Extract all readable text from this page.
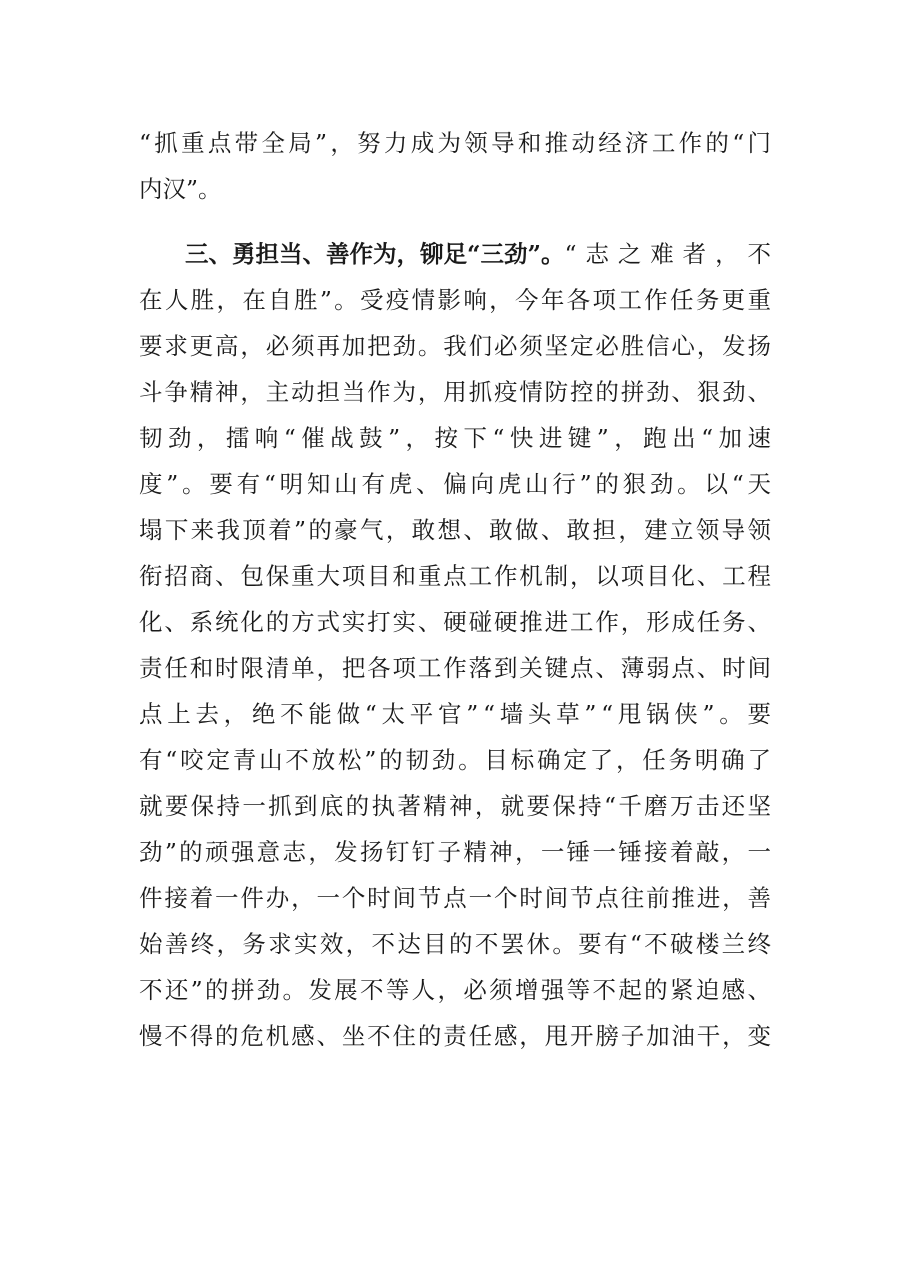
“抓重点带全局”，努力成为领导和推动经济工作的“门
内汉”。
三、勇担当、善作为，铆足“三劲”。 “志之难者，不
在人胜，在自胜”。受疫情影响，今年各项工作任务更重
要求更高，必须再加把劲。我们必须坚定必胜信心，发扬
斗争精神，主动担当作为，用抓疫情防控的拼劲、狠劲、
韧劲，擂响“催战鼓”，按下“快进键”，跑出“加速
度”。要有“明知山有虎、偏向虎山行”的狠劲。以“天
塌下来我顶着”的豪气，敢想、敢做、敢担，建立领导领
衔招商、包保重大项目和重点工作机制，以项目化、工程
化、系统化的方式实打实、硬碰硬推进工作，形成任务、
责任和时限清单，把各项工作落到关键点、薄弱点、时间
点上去，绝不能做“太平官”“墙头草”“甩锅侠”。要
有“咬定青山不放松”的韧劲。目标确定了，任务明确了
就要保持一抓到底的执著精神，就要保持“千磨万击还坚
劲”的顽强意志，发扬钉钉子精神，一锤一锤接着敲，一
件接着一件办，一个时间节点一个时间节点往前推进，善
始善终，务求实效，不达目的不罢休。要有“不破楼兰终
不还”的拼劲。发展不等人，必须增强等不起的紧迫感、
慢不得的危机感、坐不住的责任感，甩开膀子加油干，变
